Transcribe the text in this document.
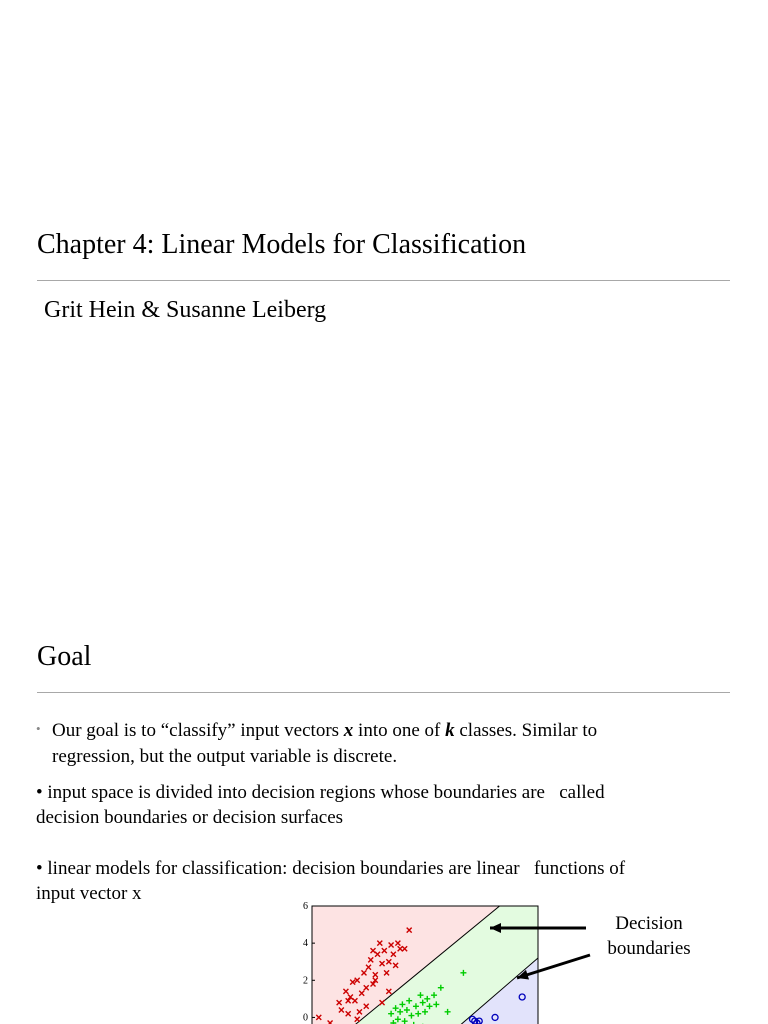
Chapter 4: Linear Models for Classification
Grit Hein & Susanne Leiberg
Goal
• Our goal is to “classify” input vectors x into one of k classes. Similar to
regression, but the output variable is discrete.
• input space is divided into decision regions whose boundaries are   called
decision boundaries or decision surfaces
• linear models for classification: decision boundaries are linear   functions of
input vector x
Decision
boundaries
6
4
2
0
